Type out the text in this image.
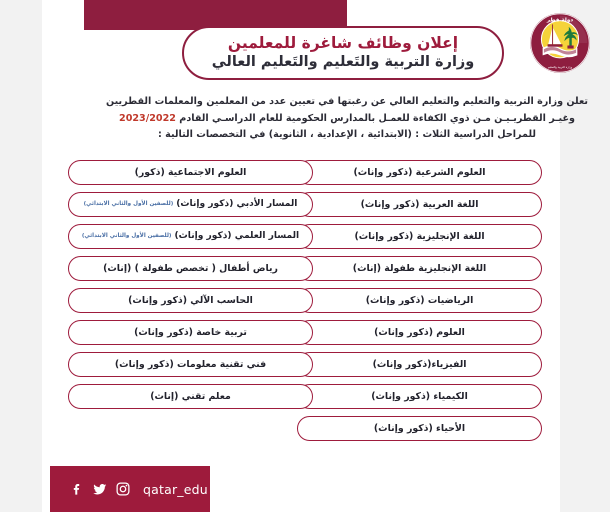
دولة قطر
وزارة التربية والتعليم
إعلان وظائف شاغرة للمعلمين
وزارة التربية والتَعليم والتَعليم العالي
تعلن وزارة التربية والتعليم والتعليم العالي عن رغبتها في تعيين عدد من المعلمين والمعلمات القطريين وغيـر القطريـيـن مـن ذوي الكفاءة للعمـل بالمدارس الحكومية للعام الدراسـي القادم 2023/2022 للمراحل الدراسية الثلاث : (الابتدائية ، الإعدادية ، الثانوية) في التخصصات التالية :
العلوم الشرعية (ذكور وإناث)
اللغة العربية (ذكور وإناث)
اللغة الإنجليزية (ذكور وإناث)
اللغة الإنجليزية طفولة (إناث)
الرياضيات (ذكور وإناث)
العلوم (ذكور وإناث)
الفيزياء(ذكور وإناث)
الكيمياء (ذكور وإناث)
الأحياء (ذكور وإناث)
العلوم الاجتماعية (ذكور)
المسار الأدبي (ذكور وإناث)
(للصفين الأول والثاني الابتدائي)
المسار العلمي (ذكور وإناث)
(للصفين الأول والثاني الابتدائي)
رياض أطفال ( تخصص طفولة ) (إناث)
الحاسب الآلي (ذكور وإناث)
تربية خاصة (ذكور وإناث)
فني تقنية معلومات (ذكور وإناث)
معلم تقني (إناث)
qatar_edu
